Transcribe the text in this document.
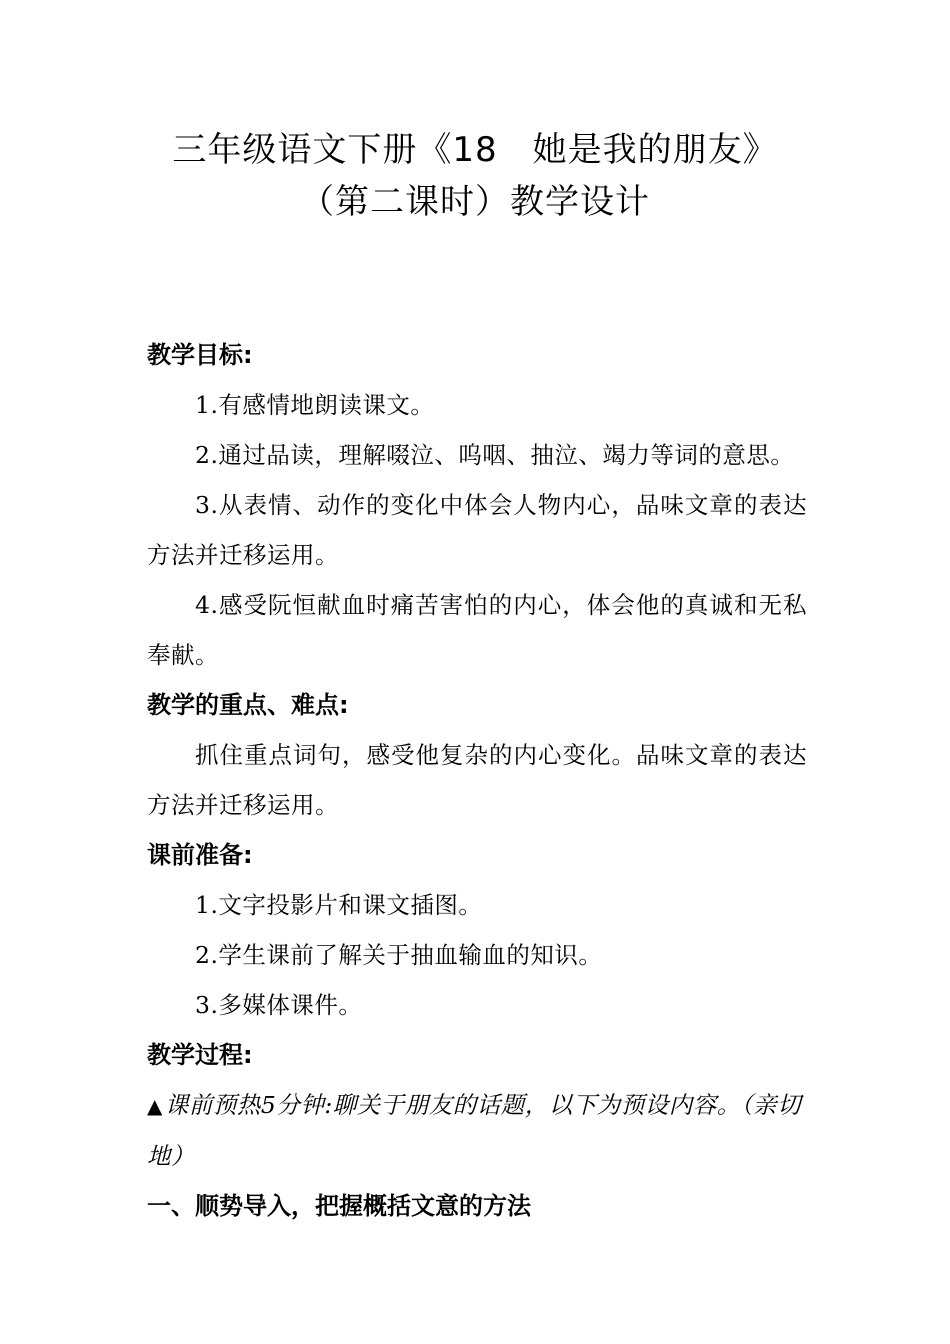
三年级语文下册《18　她是我的朋友》
（第二课时）教学设计
教学目标:

1.有感情地朗读课文。

2.通过品读，理解啜泣、呜咽、抽泣、竭力等词的意思。

3.从表情、动作的变化中体会人物内心，品味文章的表达方法并迁移运用。

4.感受阮恒献血时痛苦害怕的内心，体会他的真诚和无私奉献。

教学的重点、难点:

抓住重点词句，感受他复杂的内心变化。品味文章的表达方法并迁移运用。

课前准备:

1.文字投影片和课文插图。

2.学生课前了解关于抽血输血的知识。

3.多媒体课件。

教学过程:

▲课前预热5分钟:聊关于朋友的话题，以下为预设内容。（亲切地）

一、顺势导入，把握概括文意的方法
